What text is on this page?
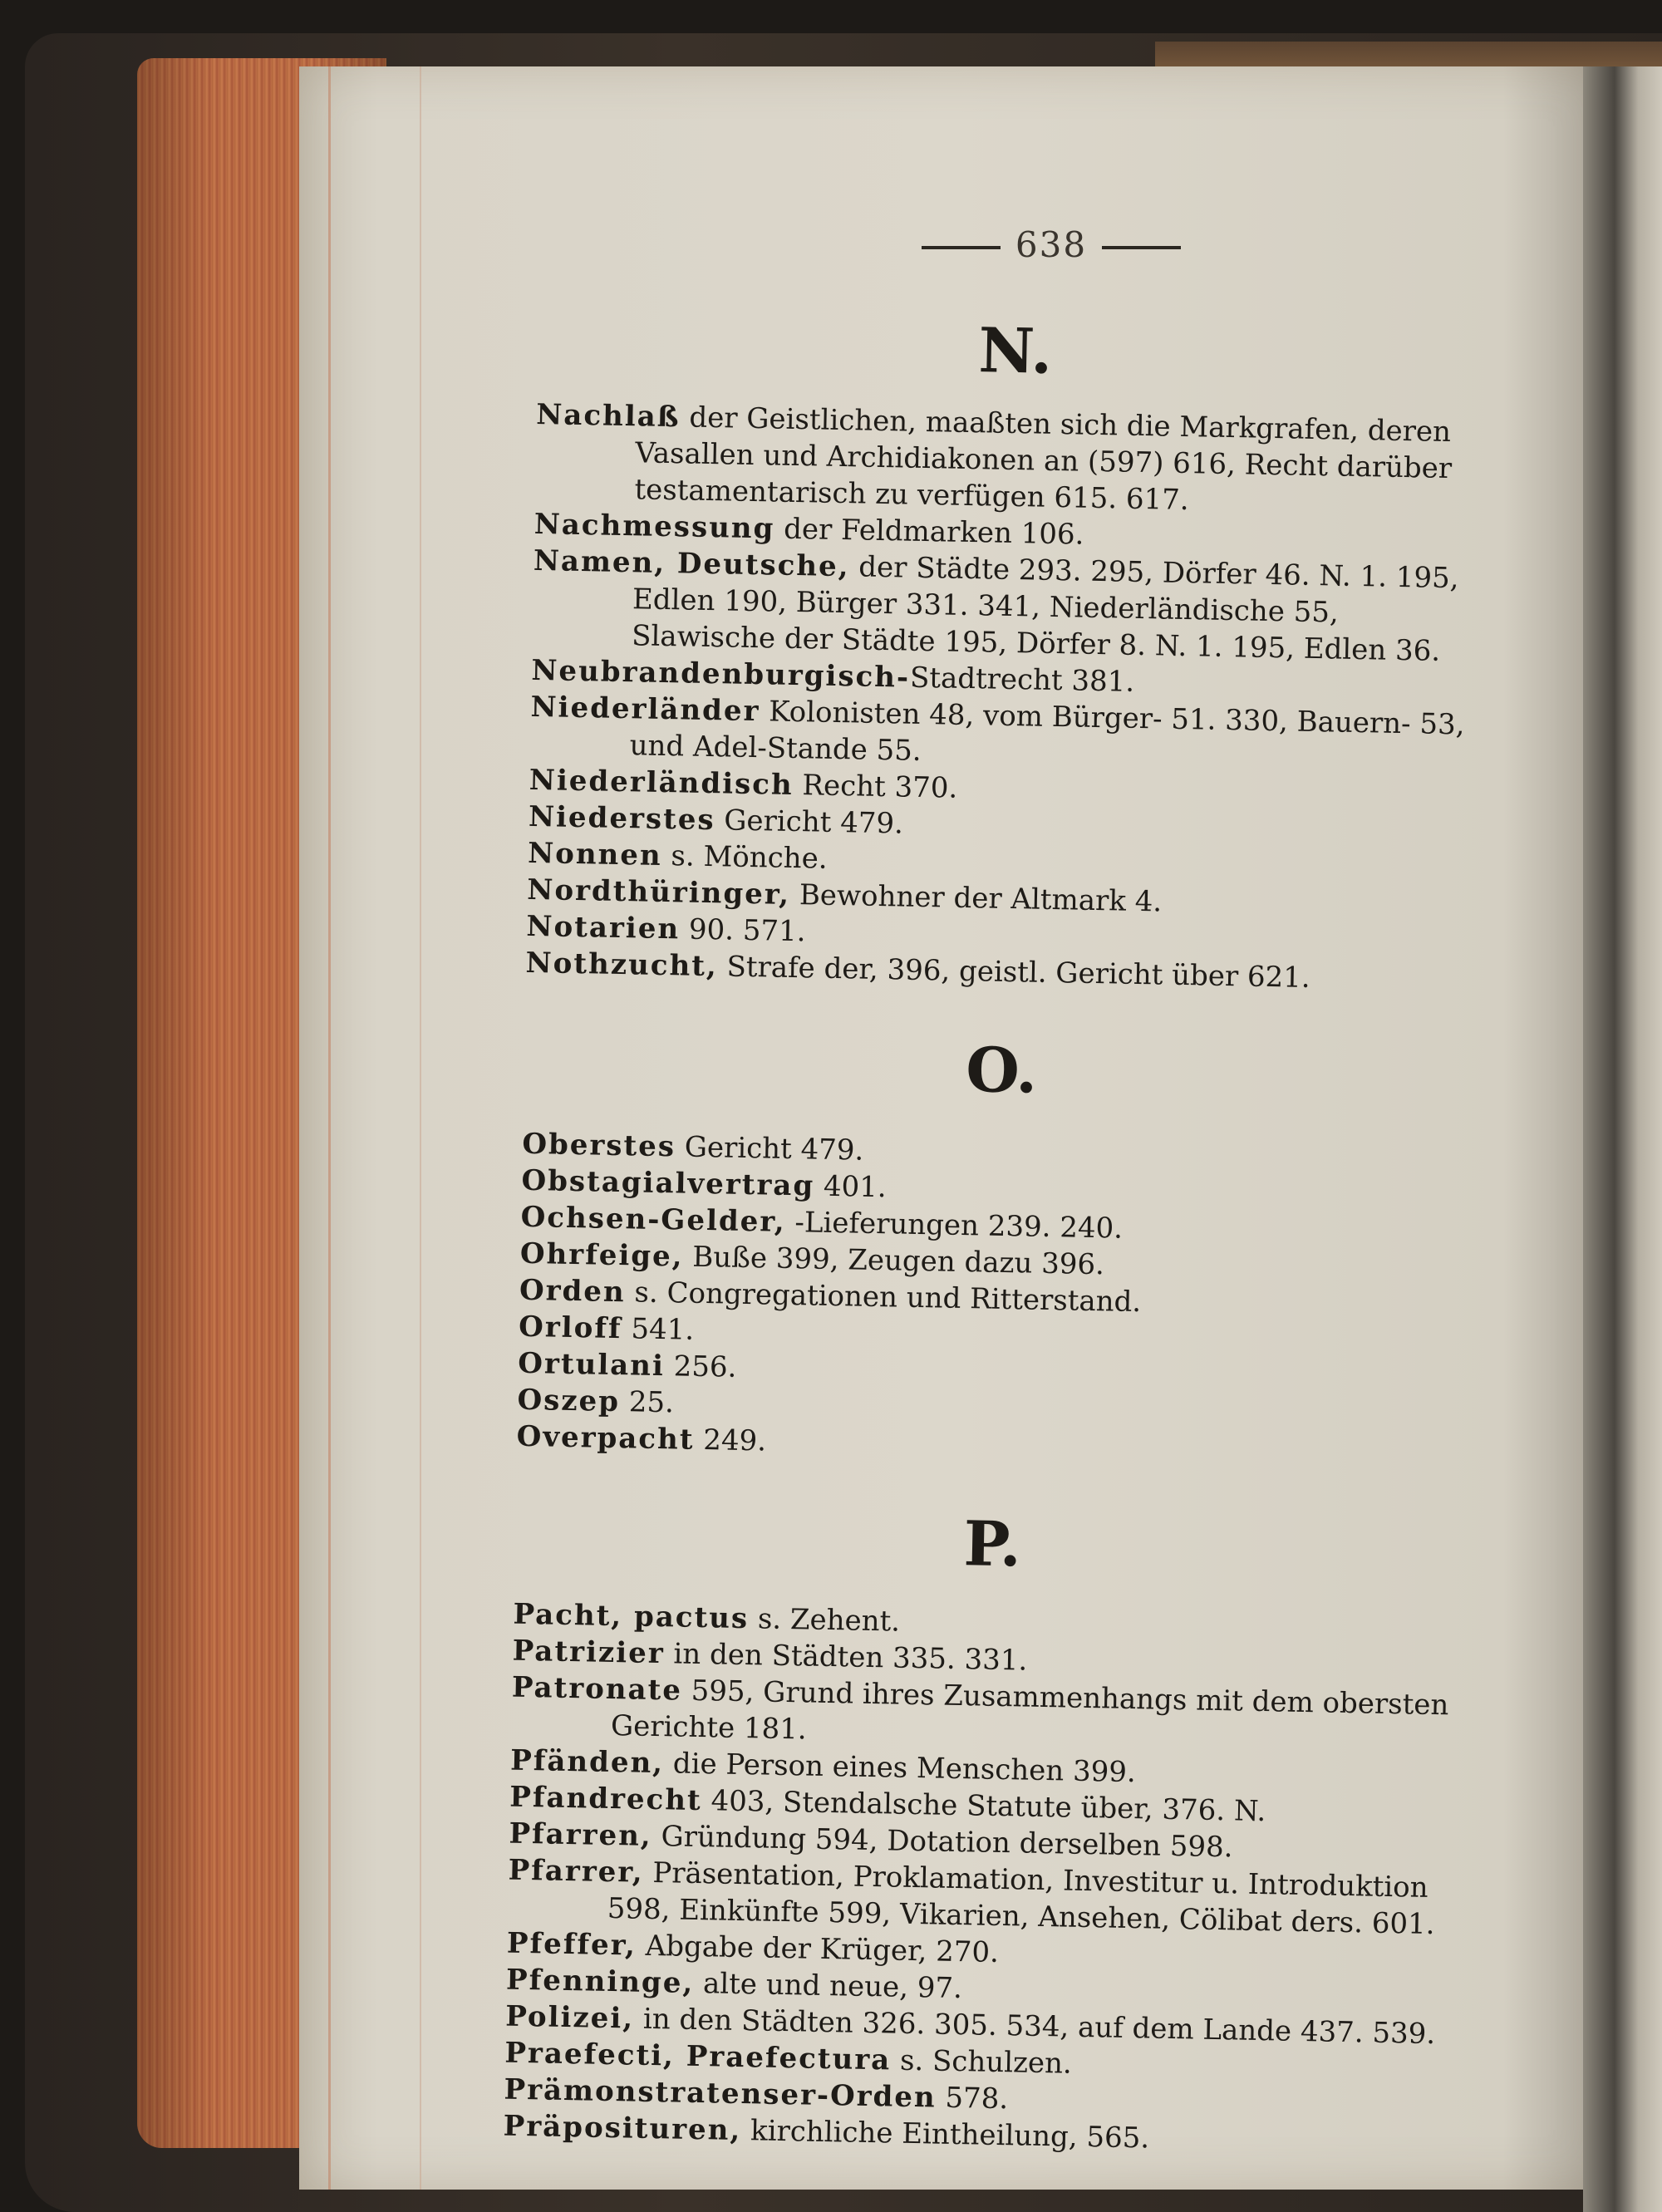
638

N.

Nachlaß der Geistlichen, maaßten sich die Markgrafen, deren Vasallen und Archidiakonen an (597) 616, Recht darüber testamentarisch zu verfügen 615. 617.

Nachmessung der Feldmarken 106.

Namen, Deutsche, der Städte 293. 295, Dörfer 46. N. 1. 195, Edlen 190, Bürger 331. 341, Niederländische 55, Slawische der Städte 195, Dörfer 8. N. 1. 195, Edlen 36.

Neubrandenburgisch-Stadtrecht 381.

Niederländer Kolonisten 48, vom Bürger- 51. 330, Bauern- 53, und Adel-Stande 55.

Niederländisch Recht 370.

Niederstes Gericht 479.

Nonnen s. Mönche.

Nordthüringer, Bewohner der Altmark 4.

Notarien 90. 571.

Nothzucht, Strafe der, 396, geistl. Gericht über 621.

O.

Oberstes Gericht 479.

Obstagialvertrag 401.

Ochsen-Gelder, -Lieferungen 239. 240.

Ohrfeige, Buße 399, Zeugen dazu 396.

Orden s. Congregationen und Ritterstand.

Orloff 541.

Ortulani 256.

Oszep 25.

Overpacht 249.

P.

Pacht, pactus s. Zehent.

Patrizier in den Städten 335. 331.

Patronate 595, Grund ihres Zusammenhangs mit dem obersten Gerichte 181.

Pfänden, die Person eines Menschen 399.

Pfandrecht 403, Stendalsche Statute über, 376. N.

Pfarren, Gründung 594, Dotation derselben 598.

Pfarrer, Präsentation, Proklamation, Investitur u. Introduktion 598, Einkünfte 599, Vikarien, Ansehen, Cölibat ders. 601.

Pfeffer, Abgabe der Krüger, 270.

Pfenninge, alte und neue, 97.

Polizei, in den Städten 326. 305. 534, auf dem Lande 437. 539.

Praefecti, Praefectura s. Schulzen.

Prämonstratenser-Orden 578.

Präposituren, kirchliche Eintheilung, 565.
